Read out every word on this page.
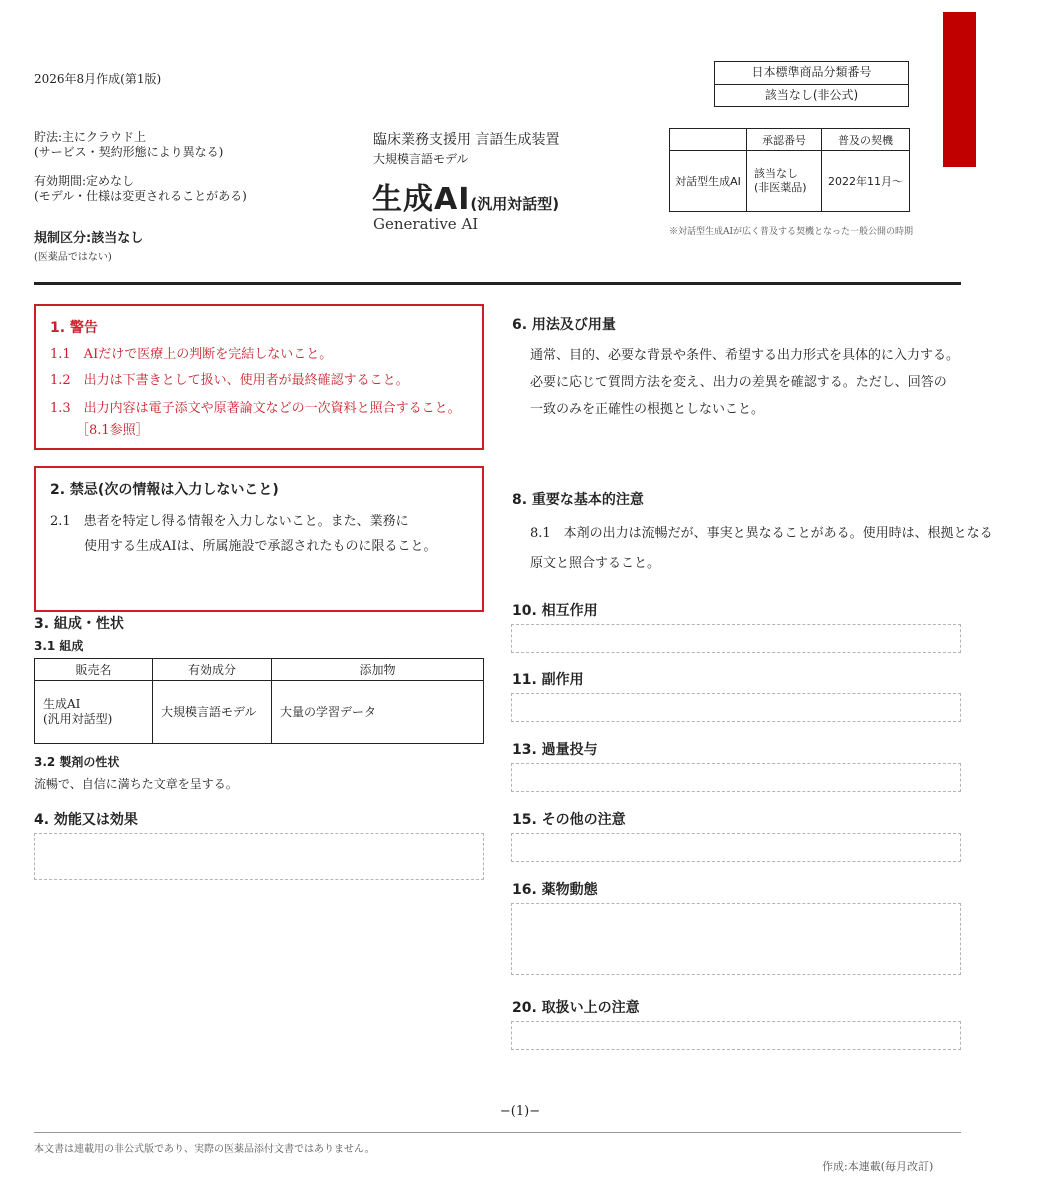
2026年8月作成(第1版)	日本標準商品分類番号
該当なし(非公式)
貯法:主にクラウド上
(サービス・契約形態により異なる)
有効期間:定めなし
(モデル・仕様は変更されることがある)
規制区分:該当なし
(医薬品ではない)
臨床業務支援用 言語生成装置
大規模言語モデル
生成AI(汎用対話型)
Generative AI
	承認番号	普及の契機
対話型生成AI	該当なし
(非医薬品)	2022年11月〜
※対話型生成AIが広く普及する契機となった一般公開の時期
1. 警告
1.1　AIだけで医療上の判断を完結しないこと。
1.2　出力は下書きとして扱い、使用者が最終確認すること。
1.3　出力内容は電子添文や原著論文などの一次資料と照合すること。
［8.1参照］
2. 禁忌(次の情報は入力しないこと)
2.1　患者を特定し得る情報を入力しないこと。また、業務に
使用する生成AIは、所属施設で承認されたものに限ること。
3. 組成・性状
3.1 組成
販売名	有効成分	添加物
生成AI
(汎用対話型)	大規模言語モデル	大量の学習データ
3.2 製剤の性状
流暢で、自信に満ちた文章を呈する。
4. 効能又は効果
6. 用法及び用量
通常、目的、必要な背景や条件、希望する出力形式を具体的に入力する。
必要に応じて質問方法を変え、出力の差異を確認する。ただし、回答の
一致のみを正確性の根拠としないこと。
8. 重要な基本的注意
8.1　本剤の出力は流暢だが、事実と異なることがある。使用時は、根拠となる
原文と照合すること。
10. 相互作用
11. 副作用
13. 過量投与
15. その他の注意
16. 薬物動態
20. 取扱い上の注意
−(1)−
本文書は連載用の非公式版であり、実際の医薬品添付文書ではありません。
作成:本連載(毎月改訂)
